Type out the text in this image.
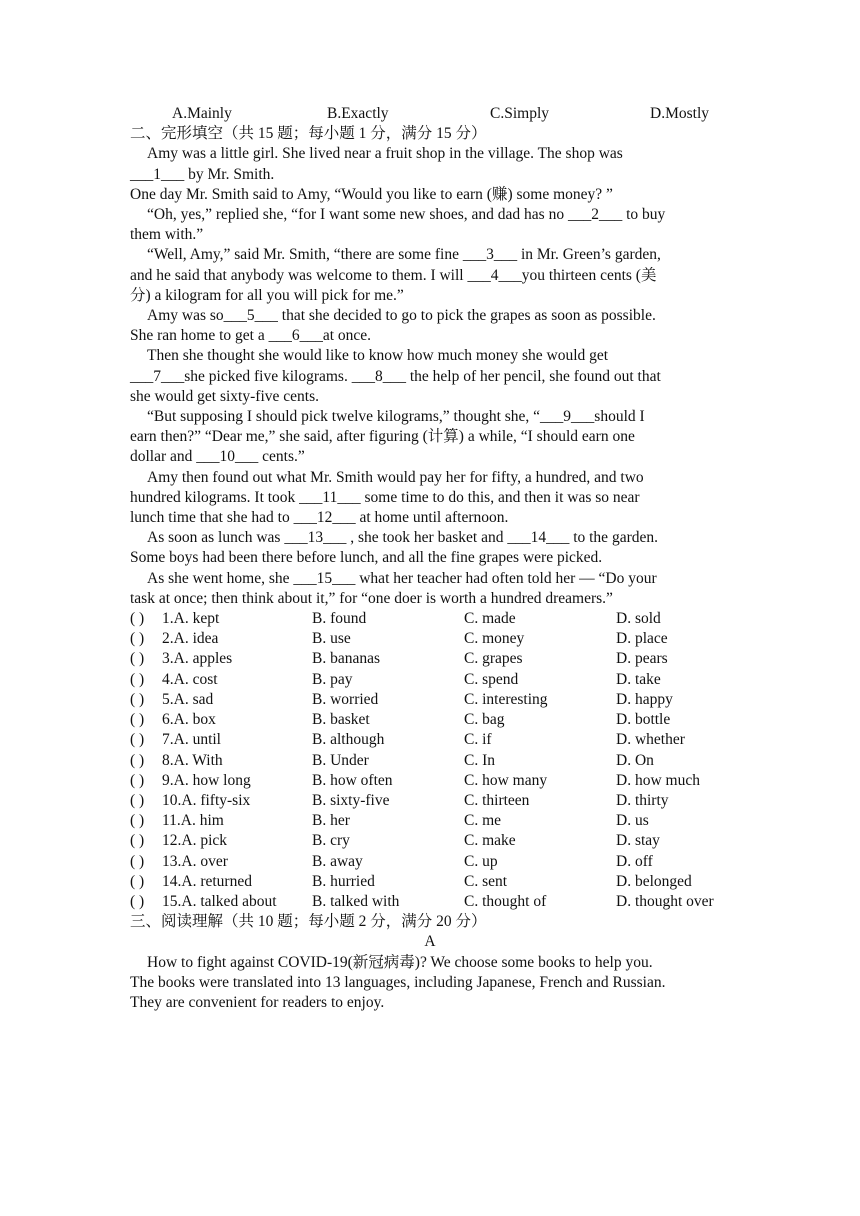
A.Mainly	B.Exactly	C.Simply	D.Mostly
二、完形填空（共 15 题；每小题 1 分，满分 15 分）
Amy was a little girl. She lived near a fruit shop in the village. The shop was
___1___ by Mr. Smith.
One day Mr. Smith said to Amy, “Would you like to earn (赚) some money? ”
“Oh, yes,” replied she, “for I want some new shoes, and dad has no ___2___ to buy
them with.”
“Well, Amy,” said Mr. Smith, “there are some fine ___3___ in Mr. Green’s garden,
and he said that anybody was welcome to them. I will ___4___you thirteen cents (美
分) a kilogram for all you will pick for me.”
Amy was so___5___ that she decided to go to pick the grapes as soon as possible.
She ran home to get a ___6___at once.
Then she thought she would like to know how much money she would get
___7___she picked five kilograms. ___8___ the help of her pencil, she found out that
she would get sixty-five cents.
“But supposing I should pick twelve kilograms,” thought she, “___9___should I
earn then?” “Dear me,” she said, after figuring (计算) a while, “I should earn one
dollar and ___10___ cents.”
Amy then found out what Mr. Smith would pay her for fifty, a hundred, and two
hundred kilograms. It took ___11___ some time to do this, and then it was so near
lunch time that she had to ___12___ at home until afternoon.
As soon as lunch was ___13___ , she took her basket and ___14___ to the garden.
Some boys had been there before lunch, and all the fine grapes were picked.
As she went home, she ___15___ what her teacher had often told her — “Do your
task at once; then think about it,” for “one doer is worth a hundred dreamers.”
( )	1.A. kept	B. found	C. made	D. sold
( )	2.A. idea	B. use	C. money	D. place
( )	3.A. apples	B. bananas	C. grapes	D. pears
( )	4.A. cost	B. pay	C. spend	D. take
( )	5.A. sad	B. worried	C. interesting	D. happy
( )	6.A. box	B. basket	C. bag	D. bottle
( )	7.A. until	B. although	C. if	D. whether
( )	8.A. With	B. Under	C. In	D. On
( )	9.A. how long	B. how often	C. how many	D. how much
( )	10.A. fifty-six	B. sixty-five	C. thirteen	D. thirty
( )	11.A. him	B. her	C. me	D. us
( )	12.A. pick	B. cry	C. make	D. stay
( )	13.A. over	B. away	C. up	D. off
( )	14.A. returned	B. hurried	C. sent	D. belonged
( )	15.A. talked about	B. talked with	C. thought of	D. thought over
三、阅读理解（共 10 题；每小题 2 分，满分 20 分）
A
How to fight against COVID-19(新冠病毒)? We choose some books to help you.
The books were translated into 13 languages, including Japanese, French and Russian.
They are convenient for readers to enjoy.
